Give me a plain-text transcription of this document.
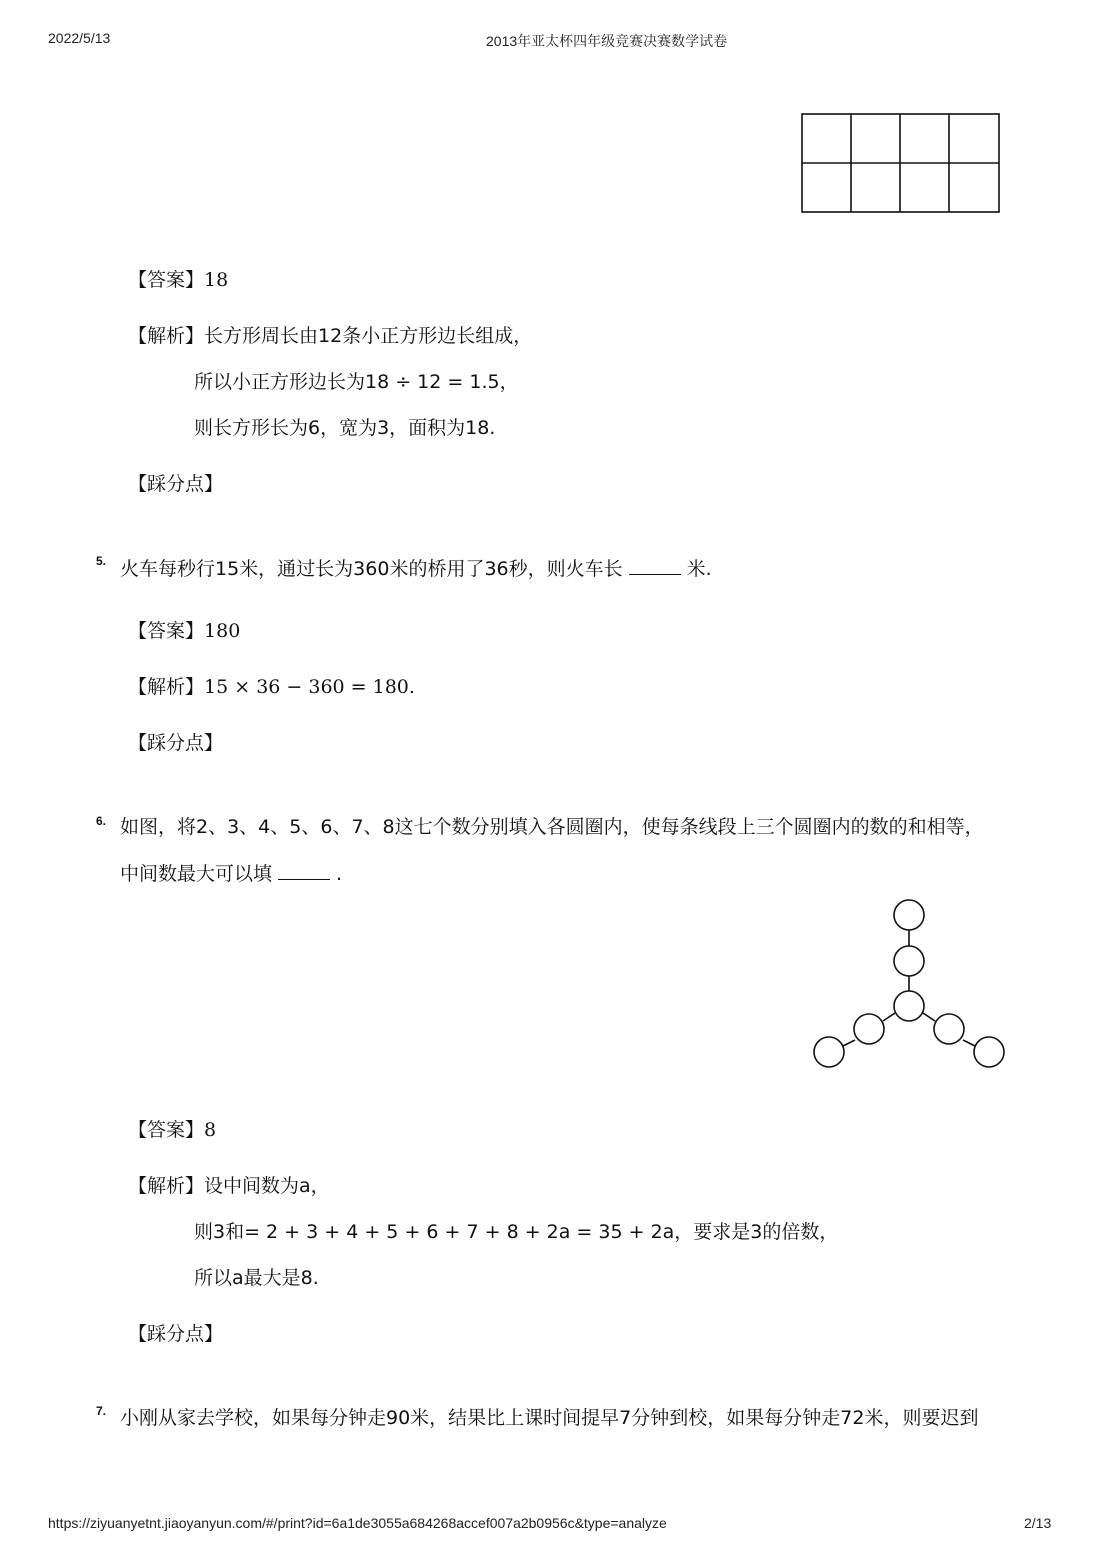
2022/5/13	2013年亚太杯四年级竞赛决赛数学试卷
【答案】18
【解析】长方形周长由12条小正方形边长组成，
所以小正方形边长为18 ÷ 12 = 1.5，
则长方形长为6，宽为3，面积为18.
【踩分点】
5. 火车每秒行15米，通过长为360米的桥用了36秒，则火车长	米.
【答案】180
【解析】15 × 36 − 360 = 180.
【踩分点】
6. 如图，将2、3、4、5、6、7、8这七个数分别填入各圆圈内，使每条线段上三个圆圈内的数的和相等，
中间数最大可以填	.
【答案】8
【解析】设中间数为a，
则3和= 2 + 3 + 4 + 5 + 6 + 7 + 8 + 2a = 35 + 2a，要求是3的倍数，
所以a最大是8.
【踩分点】
7. 小刚从家去学校，如果每分钟走90米，结果比上课时间提早7分钟到校，如果每分钟走72米，则要迟到
https://ziyuanyetnt.jiaoyanyun.com/#/print?id=6a1de3055a684268accef007a2b0956c&type=analyze	2/13
